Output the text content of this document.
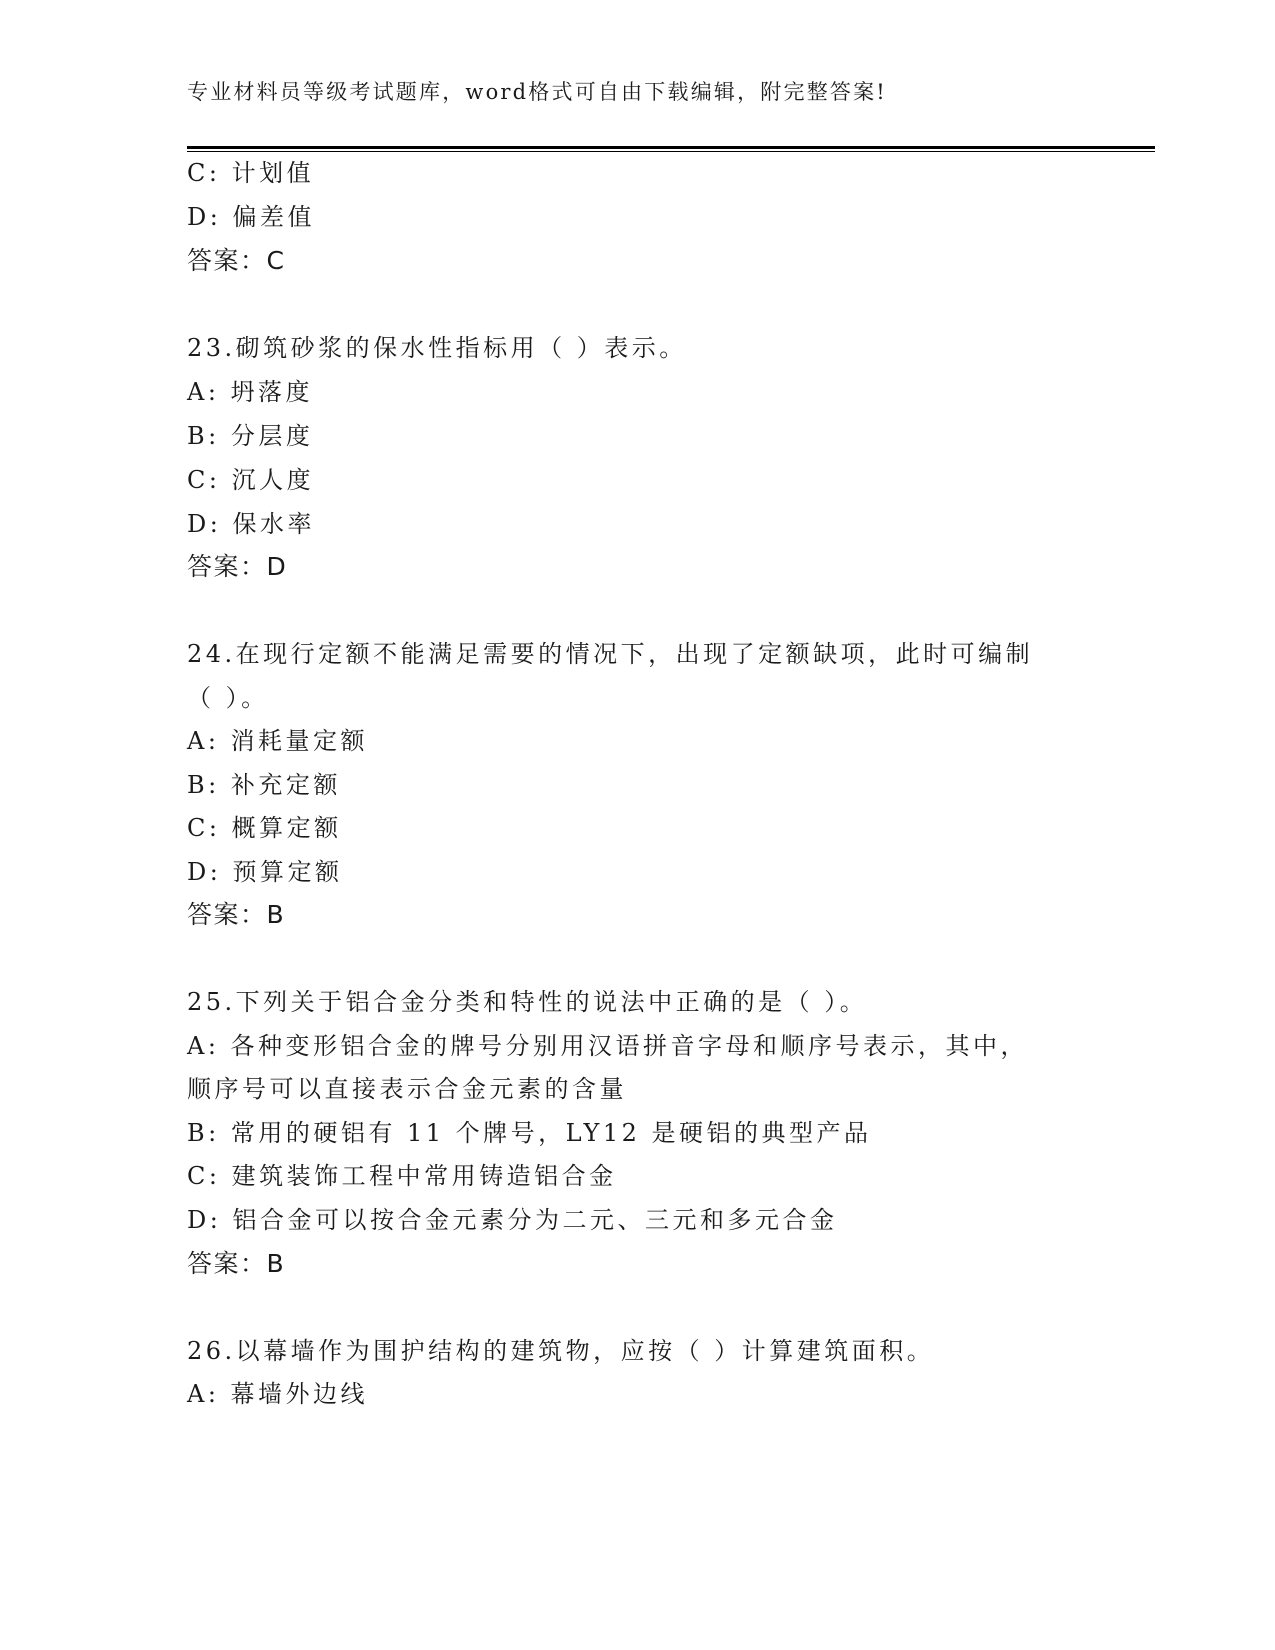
专业材料员等级考试题库，word格式可自由下载编辑，附完整答案!
C: 计划值
D: 偏差值
答案：C
23.砌筑砂浆的保水性指标用（ ）表示。
A: 坍落度
B: 分层度
C: 沉人度
D: 保水率
答案：D
24.在现行定额不能满足需要的情况下，出现了定额缺项，此时可编制
（ ）。
A: 消耗量定额
B: 补充定额
C: 概算定额
D: 预算定额
答案：B
25.下列关于铝合金分类和特性的说法中正确的是（ ）。
A: 各种变形铝合金的牌号分别用汉语拼音字母和顺序号表示，其中，
顺序号可以直接表示合金元素的含量
B: 常用的硬铝有 11 个牌号，LY12 是硬铝的典型产品
C: 建筑装饰工程中常用铸造铝合金
D: 铝合金可以按合金元素分为二元、三元和多元合金
答案：B
26.以幕墙作为围护结构的建筑物，应按（ ）计算建筑面积。
A: 幕墙外边线
